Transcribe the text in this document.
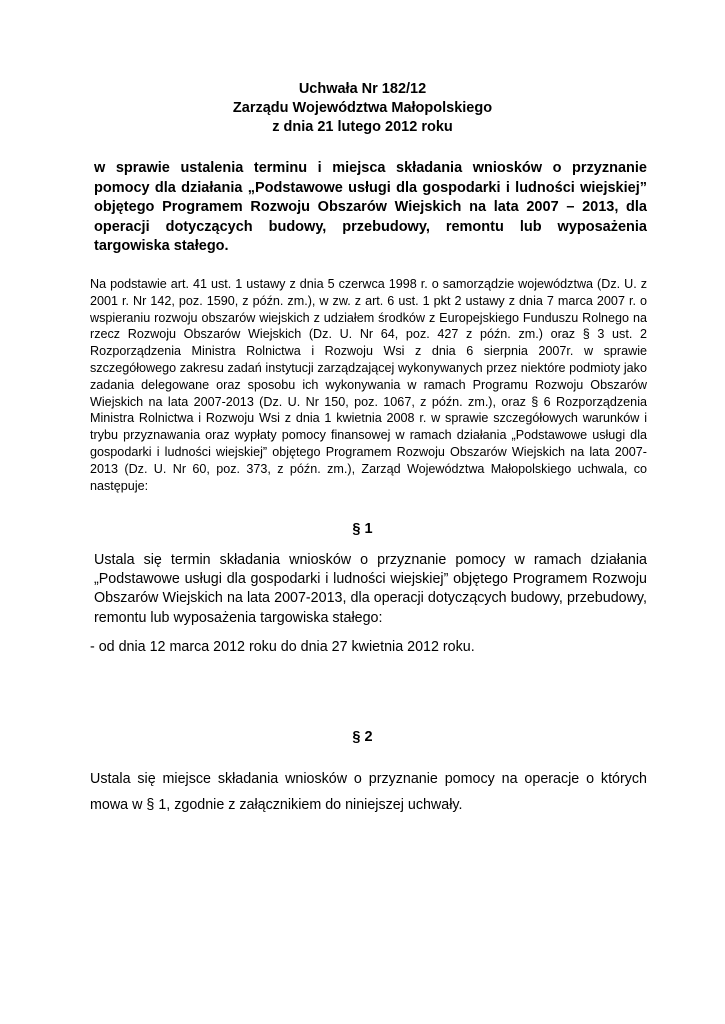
Uchwała Nr 182/12
Zarządu Województwa Małopolskiego
z dnia 21 lutego 2012 roku
w sprawie ustalenia terminu i miejsca składania wniosków o przyznanie pomocy dla działania „Podstawowe usługi dla gospodarki i ludności wiejskiej” objętego Programem Rozwoju Obszarów Wiejskich na lata 2007 – 2013, dla operacji dotyczących budowy, przebudowy, remontu lub wyposażenia targowiska stałego.
Na podstawie art. 41 ust. 1 ustawy z dnia 5 czerwca 1998 r. o samorządzie województwa (Dz. U. z 2001 r. Nr 142, poz. 1590, z późn. zm.), w zw. z art. 6 ust. 1 pkt 2 ustawy z dnia 7 marca 2007 r. o wspieraniu rozwoju obszarów wiejskich z udziałem środków z Europejskiego Funduszu Rolnego na rzecz Rozwoju Obszarów Wiejskich (Dz. U. Nr 64, poz. 427 z późn. zm.) oraz § 3 ust. 2 Rozporządzenia Ministra Rolnictwa i Rozwoju Wsi z dnia 6 sierpnia 2007r. w sprawie szczegółowego zakresu zadań instytucji zarządzającej wykonywanych przez niektóre podmioty jako zadania delegowane oraz sposobu ich wykonywania w ramach Programu Rozwoju Obszarów Wiejskich na lata 2007-2013 (Dz. U. Nr 150, poz. 1067, z późn. zm.), oraz § 6 Rozporządzenia Ministra Rolnictwa i Rozwoju Wsi z dnia 1 kwietnia 2008 r. w sprawie szczegółowych warunków i trybu przyznawania oraz wypłaty pomocy finansowej w ramach działania „Podstawowe usługi dla gospodarki i ludności wiejskiej” objętego Programem Rozwoju Obszarów Wiejskich na lata 2007-2013 (Dz. U. Nr 60, poz. 373, z późn. zm.), Zarząd Województwa Małopolskiego uchwala, co następuje:
§ 1
Ustala się termin składania wniosków o przyznanie pomocy w ramach działania „Podstawowe usługi dla gospodarki i ludności wiejskiej” objętego Programem Rozwoju Obszarów Wiejskich na lata 2007-2013, dla operacji dotyczących budowy, przebudowy, remontu lub wyposażenia targowiska stałego:
- od dnia 12 marca 2012 roku do dnia 27 kwietnia 2012 roku.
§ 2
Ustala się miejsce składania wniosków o przyznanie pomocy na operacje o których mowa w § 1, zgodnie z załącznikiem do niniejszej uchwały.
